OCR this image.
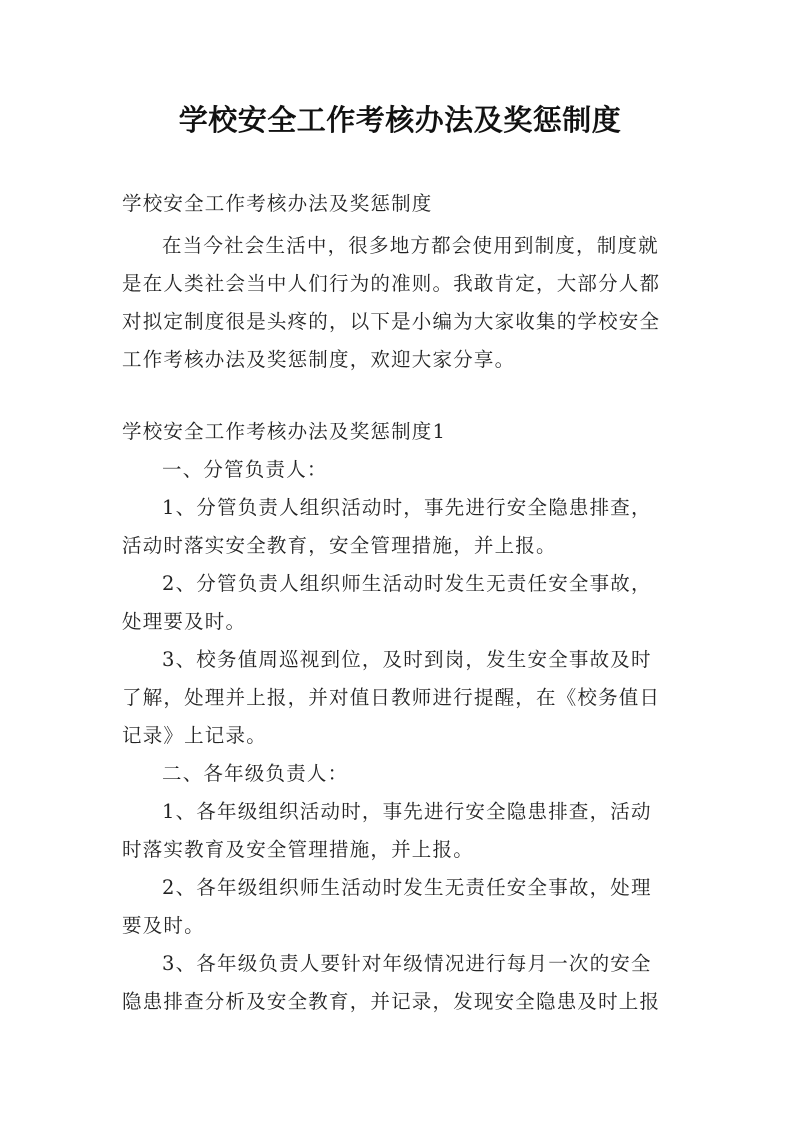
学校安全工作考核办法及奖惩制度
学校安全工作考核办法及奖惩制度
在当今社会生活中，很多地方都会使用到制度，制度就
是在人类社会当中人们行为的准则。我敢肯定，大部分人都
对拟定制度很是头疼的，以下是小编为大家收集的学校安全
工作考核办法及奖惩制度，欢迎大家分享。
学校安全工作考核办法及奖惩制度1
一、分管负责人：
1、分管负责人组织活动时，事先进行安全隐患排查，
活动时落实安全教育，安全管理措施，并上报。
2、分管负责人组织师生活动时发生无责任安全事故，
处理要及时。
3、校务值周巡视到位，及时到岗，发生安全事故及时
了解，处理并上报，并对值日教师进行提醒，在《校务值日
记录》上记录。
二、各年级负责人：
1、各年级组织活动时，事先进行安全隐患排查，活动
时落实教育及安全管理措施，并上报。
2、各年级组织师生活动时发生无责任安全事故，处理
要及时。
3、各年级负责人要针对年级情况进行每月一次的安全
隐患排查分析及安全教育，并记录，发现安全隐患及时上报
